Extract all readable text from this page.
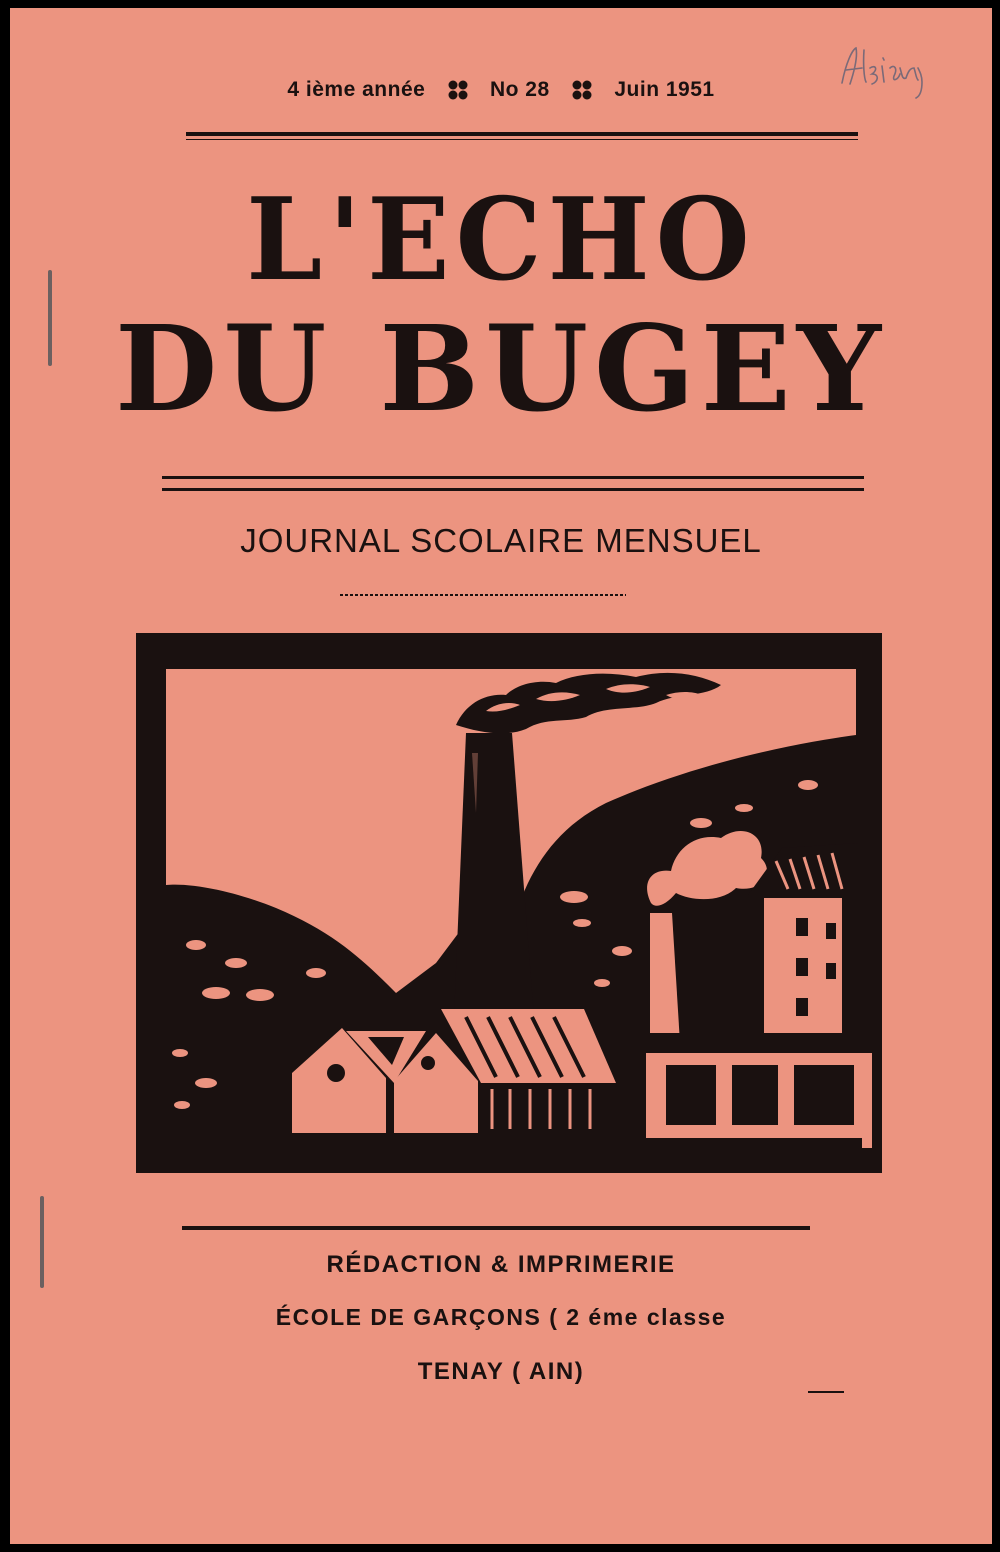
4 ième année	No 28	Juin 1951
L'ECHO
DU BUGEY
JOURNAL SCOLAIRE MENSUEL
RÉDACTION & IMPRIMERIE
ÉCOLE DE GARÇONS ( 2 éme classe
TENAY ( AIN)
